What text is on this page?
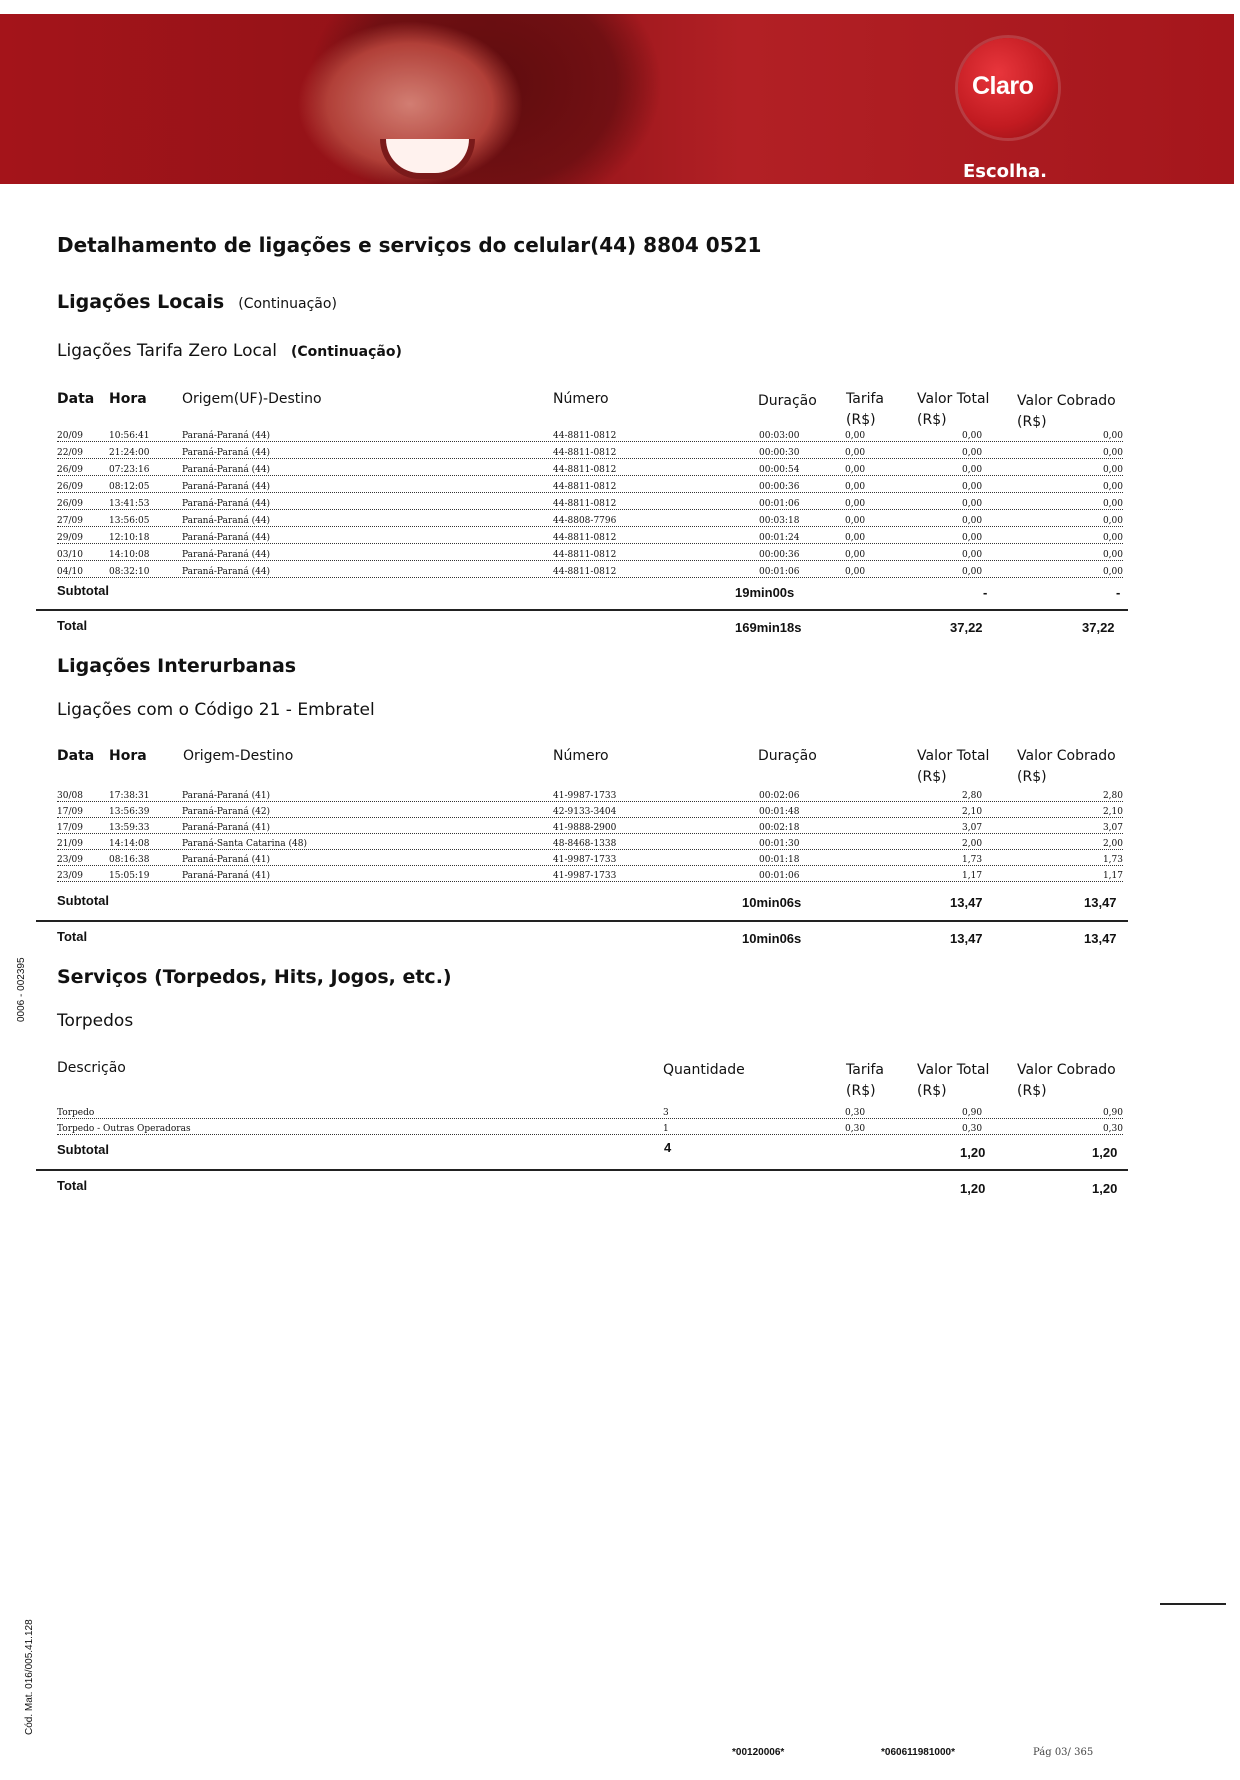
Claro
Escolha.
Detalhamento de ligações e serviços do celular(44) 8804 0521
Ligações Locais (Continuação)
Ligações Tarifa Zero Local (Continuação)
Data Hora	Origem(UF)-Destino	Número	Duração Tarifa (R$)
Valor Total (R$)
Valor Cobrado (R$)
20/09	10:56:41	Paraná-Paraná (44)	44-8811-0812	00:03:00	0,00	0,00	0,00
22/09	21:24:00	Paraná-Paraná (44)	44-8811-0812	00:00:30	0,00	0,00	0,00
26/09	07:23:16	Paraná-Paraná (44)	44-8811-0812	00:00:54	0,00	0,00	0,00
26/09	08:12:05	Paraná-Paraná (44)	44-8811-0812	00:00:36	0,00	0,00	0,00
26/09	13:41:53	Paraná-Paraná (44)	44-8811-0812	00:01:06	0,00	0,00	0,00
27/09	13:56:05	Paraná-Paraná (44)	44-8808-7796	00:03:18	0,00	0,00	0,00
29/09	12:10:18	Paraná-Paraná (44)	44-8811-0812	00:01:24	0,00	0,00	0,00
03/10	14:10:08	Paraná-Paraná (44)	44-8811-0812	00:00:36	0,00	0,00	0,00
04/10	08:32:10	Paraná-Paraná (44)	44-8811-0812	00:01:06	0,00	0,00	0,00
Subtotal	19min00s	-	-
Total	169min18s	37,22	37,22
Ligações Interurbanas
Ligações com o Código 21 - Embratel
Data Hora	Origem-Destino	Número	Duração	Valor Total (R$)
Valor Cobrado (R$)
30/08	17:38:31	Paraná-Paraná (41)	41-9987-1733	00:02:06	2,80	2,80
17/09	13:56:39	Paraná-Paraná (42)	42-9133-3404	00:01:48	2,10	2,10
17/09	13:59:33	Paraná-Paraná (41)	41-9888-2900	00:02:18	3,07	3,07
21/09	14:14:08	Paraná-Santa Catarina (48)	48-8468-1338	00:01:30	2,00	2,00
23/09	08:16:38	Paraná-Paraná (41)	41-9987-1733	00:01:18	1,73	1,73
23/09	15:05:19	Paraná-Paraná (41)	41-9987-1733	00:01:06	1,17	1,17
Subtotal	10min06s	13,47	13,47
Total	10min06s	13,47	13,47
Serviços (Torpedos, Hits, Jogos, etc.)
Torpedos
Descrição	Quantidade	Tarifa (R$)
Valor Total (R$)
Valor Cobrado (R$)
Torpedo	3	0,30	0,90	0,90
Torpedo - Outras Operadoras	1	0,30	0,30	0,30
Subtotal	4	1,20	1,20
Total	1,20	1,20
0006 - 002395
Cód. Mat. 016/005.41.128
*00120006*	*060611981000*	Pág 03/ 365
